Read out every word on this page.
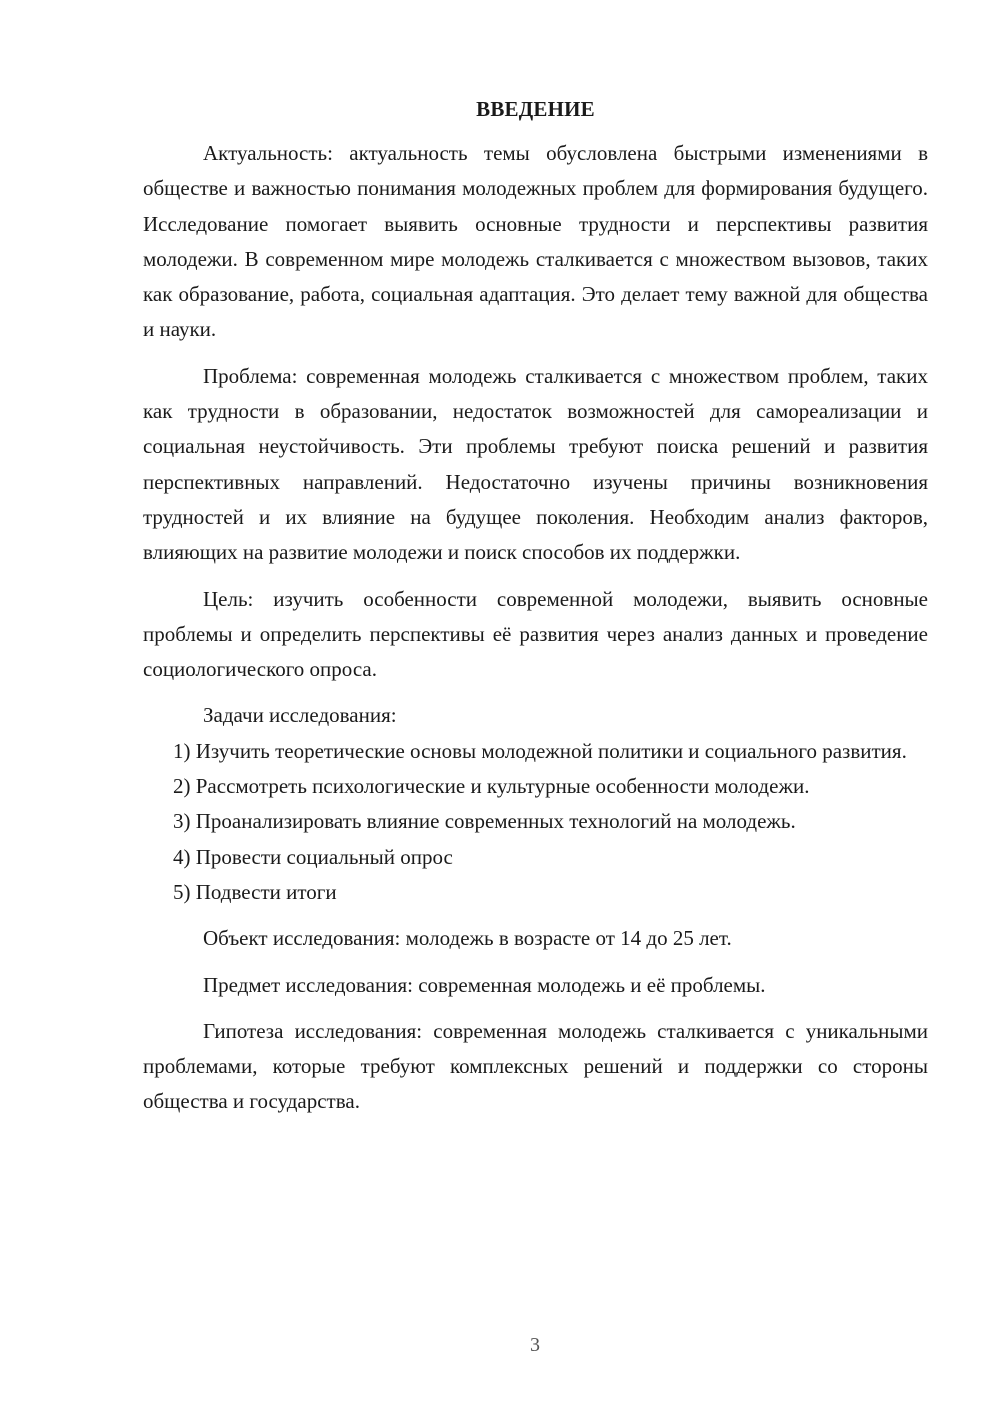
ВВЕДЕНИЕ

Актуальность: актуальность темы обусловлена быстрыми изменениями в обществе и важностью понимания молодежных проблем для формирования будущего. Исследование помогает выявить основные трудности и перспективы развития молодежи. В современном мире молодежь сталкивается с множеством вызовов, таких как образование, работа, социальная адаптация. Это делает тему важной для общества и науки.

Проблема: современная молодежь сталкивается с множеством проблем, таких как трудности в образовании, недостаток возможностей для самореализации и социальная неустойчивость. Эти проблемы требуют поиска решений и развития перспективных направлений. Недостаточно изучены причины возникновения трудностей и их влияние на будущее поколения. Необходим анализ факторов, влияющих на развитие молодежи и поиск способов их поддержки.

Цель: изучить особенности современной молодежи, выявить основные проблемы и определить перспективы её развития через анализ данных и проведение социологического опроса.

Задачи исследования:

1) Изучить теоретические основы молодежной политики и социального развития.

2) Рассмотреть психологические и культурные особенности молодежи.

3) Проанализировать влияние современных технологий на молодежь.

4) Провести социальный опрос

5) Подвести итоги

Объект исследования: молодежь в возрасте от 14 до 25 лет.

Предмет исследования: современная молодежь и её проблемы.

Гипотеза исследования: современная молодежь сталкивается с уникальными проблемами, которые требуют комплексных решений и поддержки со стороны общества и государства.

3
